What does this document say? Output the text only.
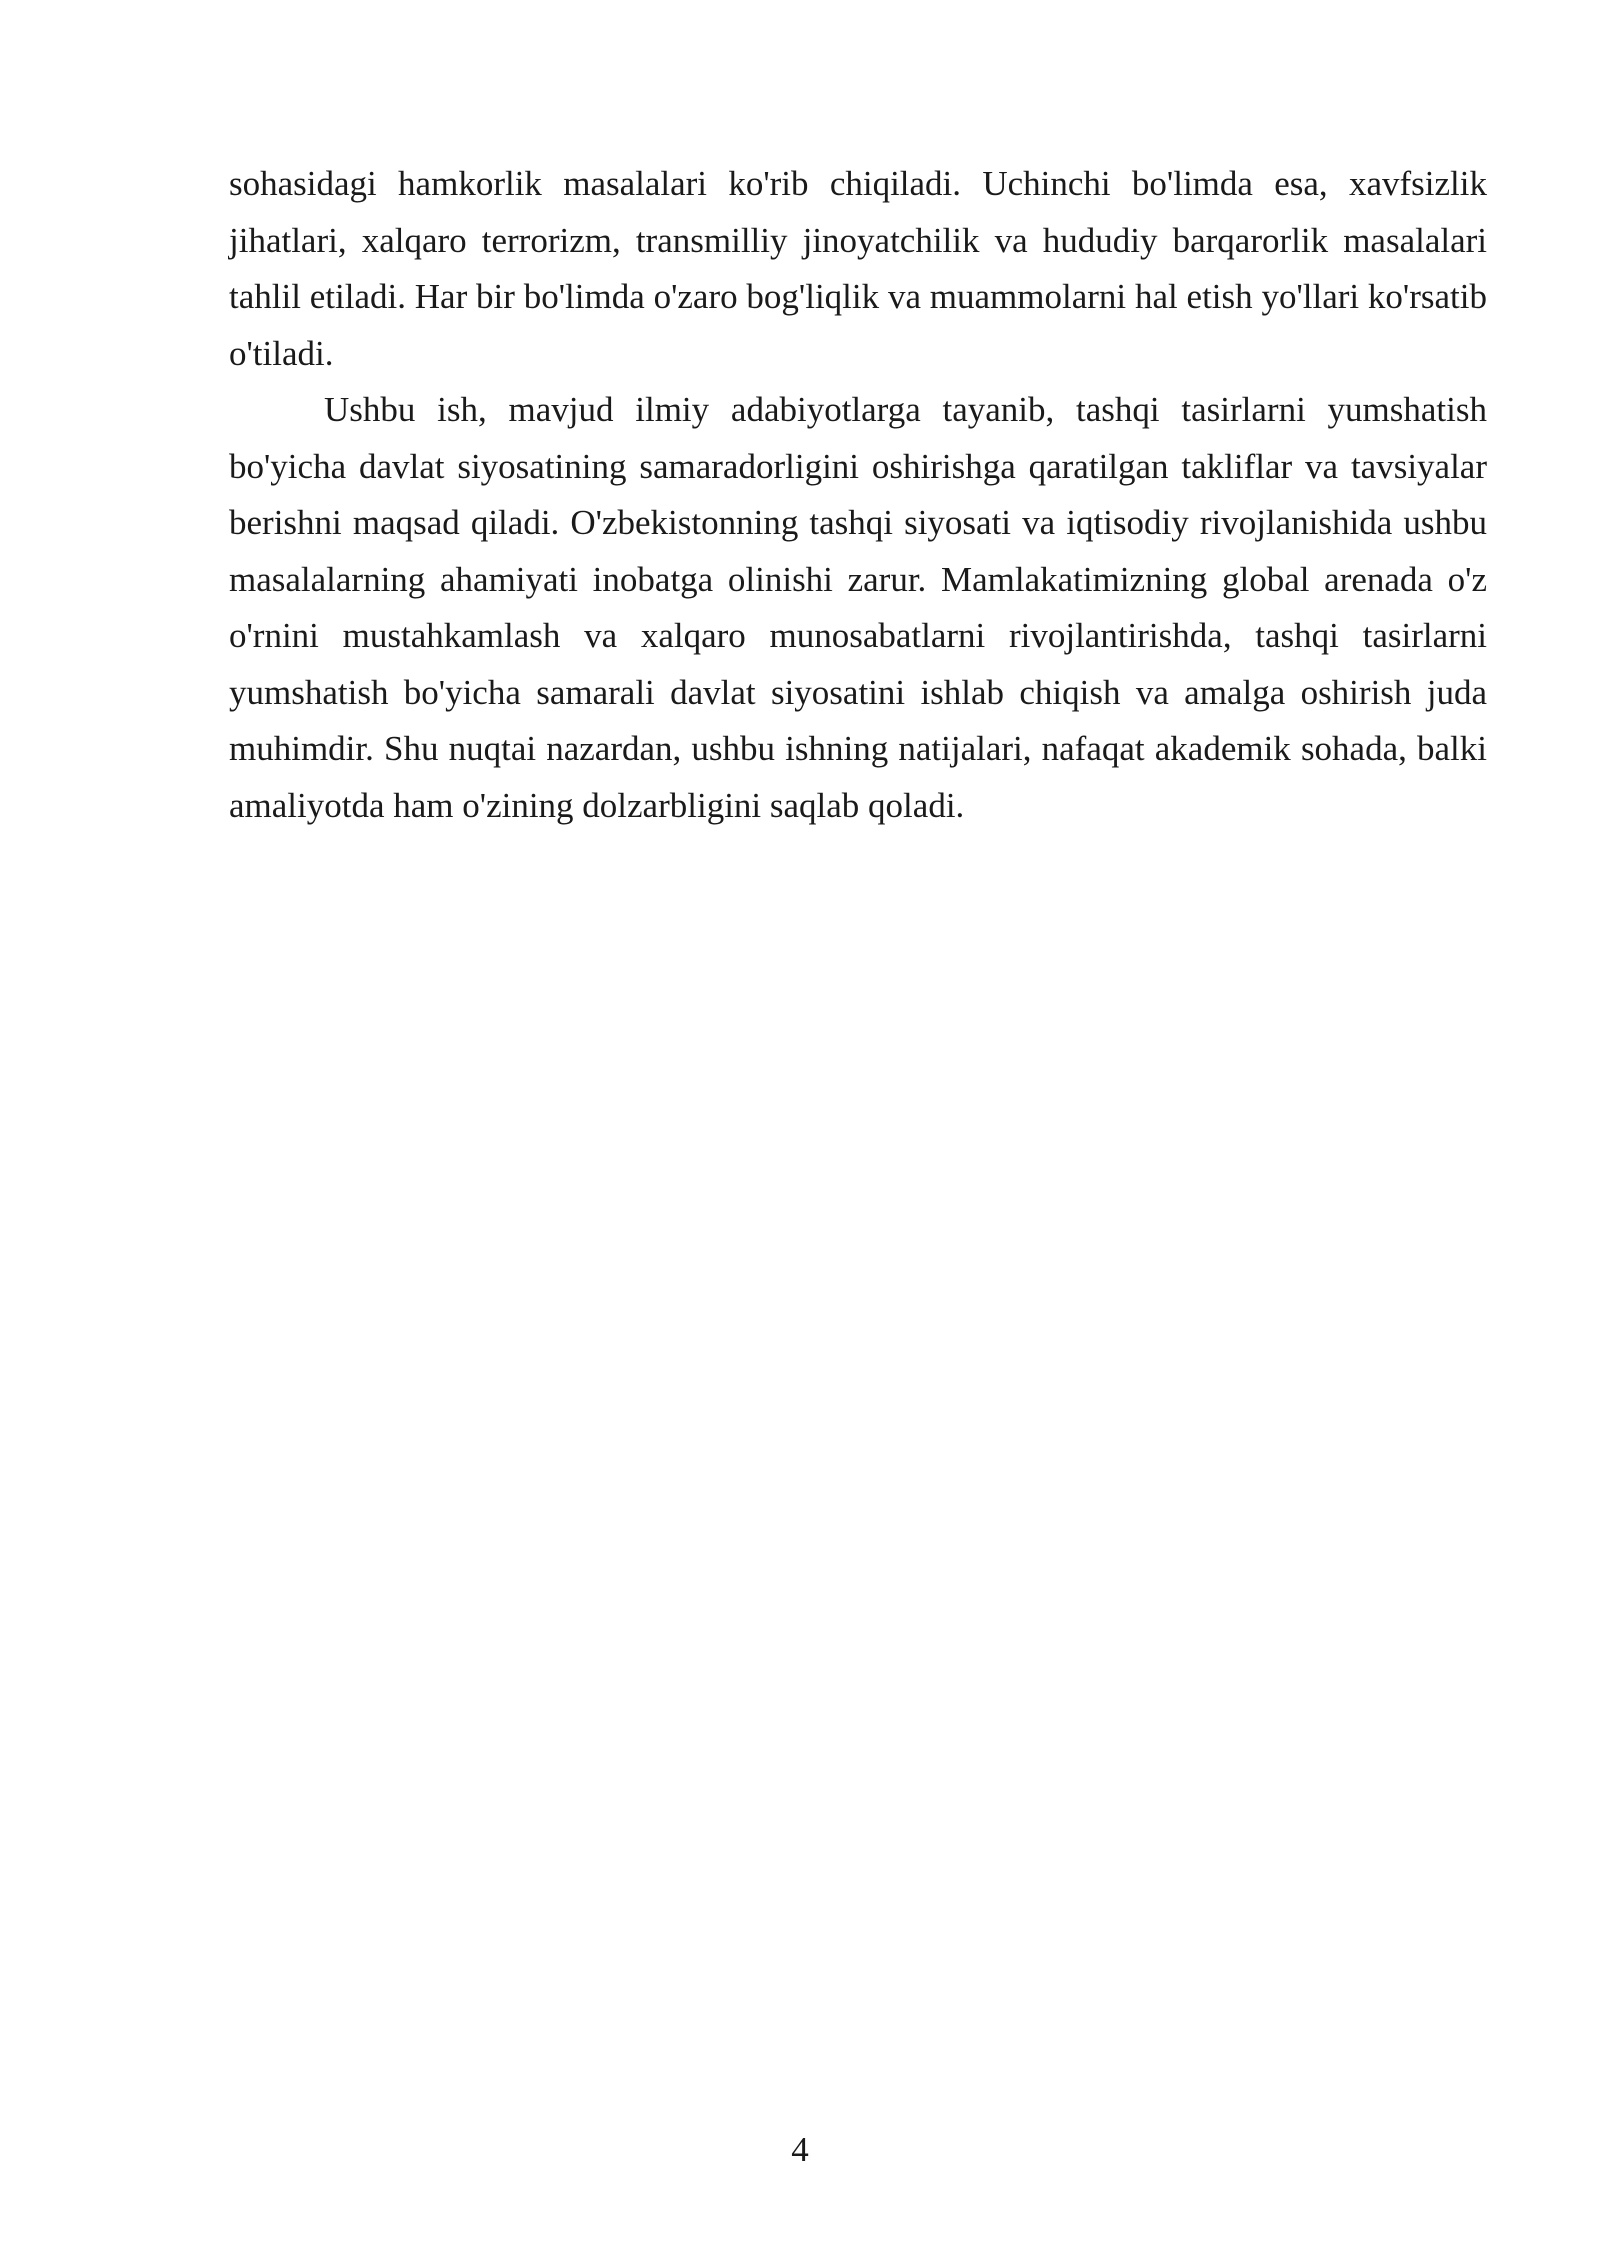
sohasidagi hamkorlik masalalari ko'rib chiqiladi. Uchinchi bo'limda esa, xavfsizlik jihatlari, xalqaro terrorizm, transmilliy jinoyatchilik va hududiy barqarorlik masalalari tahlil etiladi. Har bir bo'limda o'zaro bog'liqlik va muammolarni hal etish yo'llari ko'rsatib o'tiladi.

Ushbu ish, mavjud ilmiy adabiyotlarga tayanib, tashqi tasirlarni yumshatish bo'yicha davlat siyosatining samaradorligini oshirishga qaratilgan takliflar va tavsiyalar berishni maqsad qiladi. O'zbekistonning tashqi siyosati va iqtisodiy rivojlanishida ushbu masalalarning ahamiyati inobatga olinishi zarur. Mamlakatimizning global arenada o'z o'rnini mustahkamlash va xalqaro munosabatlarni rivojlantirishda, tashqi tasirlarni yumshatish bo'yicha samarali davlat siyosatini ishlab chiqish va amalga oshirish juda muhimdir. Shu nuqtai nazardan, ushbu ishning natijalari, nafaqat akademik sohada, balki amaliyotda ham o'zining dolzarbligini saqlab qoladi.

4
